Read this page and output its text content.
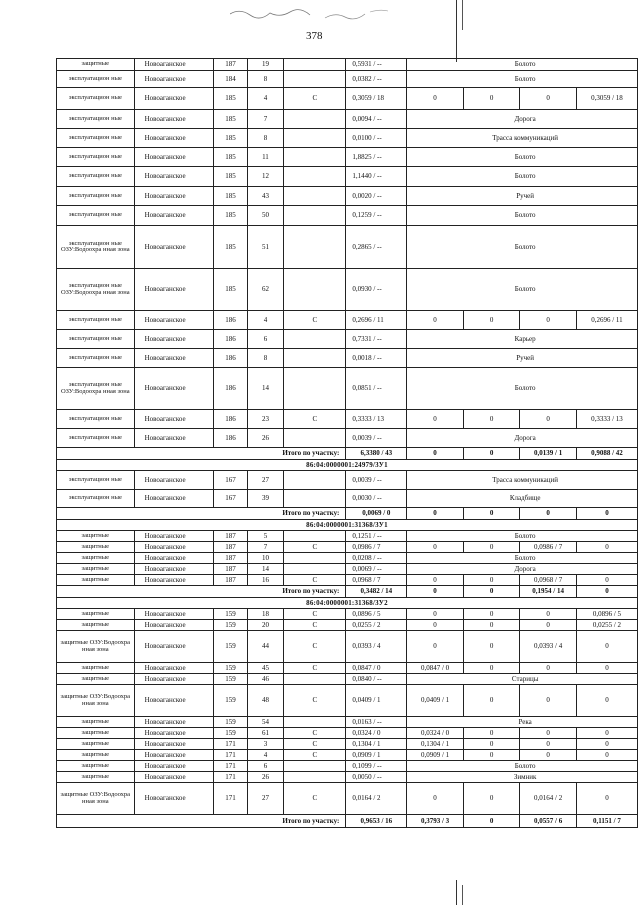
378
защитные	Новоаганское	187	19		0,5931 / --	Болото			
эксплуатацион ные	Новоаганское	184	8		0,0382 / --	Болото			
эксплуатацион ные	Новоаганское	185	4	С	0,3059 / 18	0	0	0	0,3059 / 18
эксплуатацион ные	Новоаганское	185	7		0,0094 / --	Дорога			
эксплуатацион ные	Новоаганское	185	8		0,0100 / --	Трасса коммуникаций			
эксплуатацион ные	Новоаганское	185	11		1,8825 / --	Болото			
эксплуатацион ные	Новоаганское	185	12		1,1440 / --	Болото			
эксплуатацион ные	Новоаганское	185	43		0,0020 / --	Ручей			
эксплуатацион ные	Новоаганское	185	50		0,1259 / --	Болото			
эксплуатацион ные ОЗУ:Водоохра нная зона	Новоаганское	185	51		0,2865 / --	Болото			
эксплуатацион ные ОЗУ:Водоохра нная зона	Новоаганское	185	62		0,0930 / --	Болото			
эксплуатацион ные	Новоаганское	186	4	С	0,2696 / 11	0	0	0	0,2696 / 11
эксплуатацион ные	Новоаганское	186	6		0,7331 / --	Карьер			
эксплуатацион ные	Новоаганское	186	8		0,0018 / --	Ручей			
эксплуатацион ные ОЗУ:Водоохра нная зона	Новоаганское	186	14		0,0851 / --	Болото			
эксплуатацион ные	Новоаганское	186	23	С	0,3333 / 13	0	0	0	0,3333 / 13
эксплуатацион ные	Новоаганское	186	26		0,0039 / --	Дорога			
Итого по участку:					6,3380 / 43	0	0	0,0139 / 1	0,9088 / 42
86:04:0000001:24979/3У1									
эксплуатацион ные	Новоаганское	167	27		0,0039 / --	Трасса коммуникаций			
эксплуатацион ные	Новоаганское	167	39		0,0030 / --	Кладбище			
Итого по участку:					0,0069 / 0	0	0	0	0
86:04:0000001:31368/3У1									
защитные	Новоаганское	187	5		0,1251 / --	Болото			
защитные	Новоаганское	187	7	С	0,0986 / 7	0	0	0,0986 / 7	0
защитные	Новоаганское	187	10		0,0208 / --	Болото			
защитные	Новоаганское	187	14		0,0069 / --	Дорога			
защитные	Новоаганское	187	16	С	0,0968 / 7	0	0	0,0968 / 7	0
Итого по участку:					0,3482 / 14	0	0	0,1954 / 14	0
86:04:0000001:31368/3У2									
защитные	Новоаганское	159	18	С	0,0896 / 5	0	0	0	0,0896 / 5
защитные	Новоаганское	159	20	С	0,0255 / 2	0	0	0	0,0255 / 2
защитные ОЗУ:Водоохра нная зона	Новоаганское	159	44	С	0,0393 / 4	0	0	0,0393 / 4	0
защитные	Новоаганское	159	45	С	0,0847 / 0	0,0847 / 0	0	0	0
защитные	Новоаганское	159	46		0,0840 / --	Старицы			
защитные ОЗУ:Водоохра нная зона	Новоаганское	159	48	С	0,0409 / 1	0,0409 / 1	0	0	0
защитные	Новоаганское	159	54		0,0163 / --	Река			
защитные	Новоаганское	159	61	С	0,0324 / 0	0,0324 / 0	0	0	0
защитные	Новоаганское	171	3	С	0,1304 / 1	0,1304 / 1	0	0	0
защитные	Новоаганское	171	4	С	0,0909 / 1	0,0909 / 1	0	0	0
защитные	Новоаганское	171	6		0,1099 / --	Болото			
защитные	Новоаганское	171	26		0,0050 / --	Зимник			
защитные ОЗУ:Водоохра нная зона	Новоаганское	171	27	С	0,0164 / 2	0	0	0,0164 / 2	0
Итого по участку:					0,9653 / 16	0,3793 / 3	0	0,0557 / 6	0,1151 / 7
